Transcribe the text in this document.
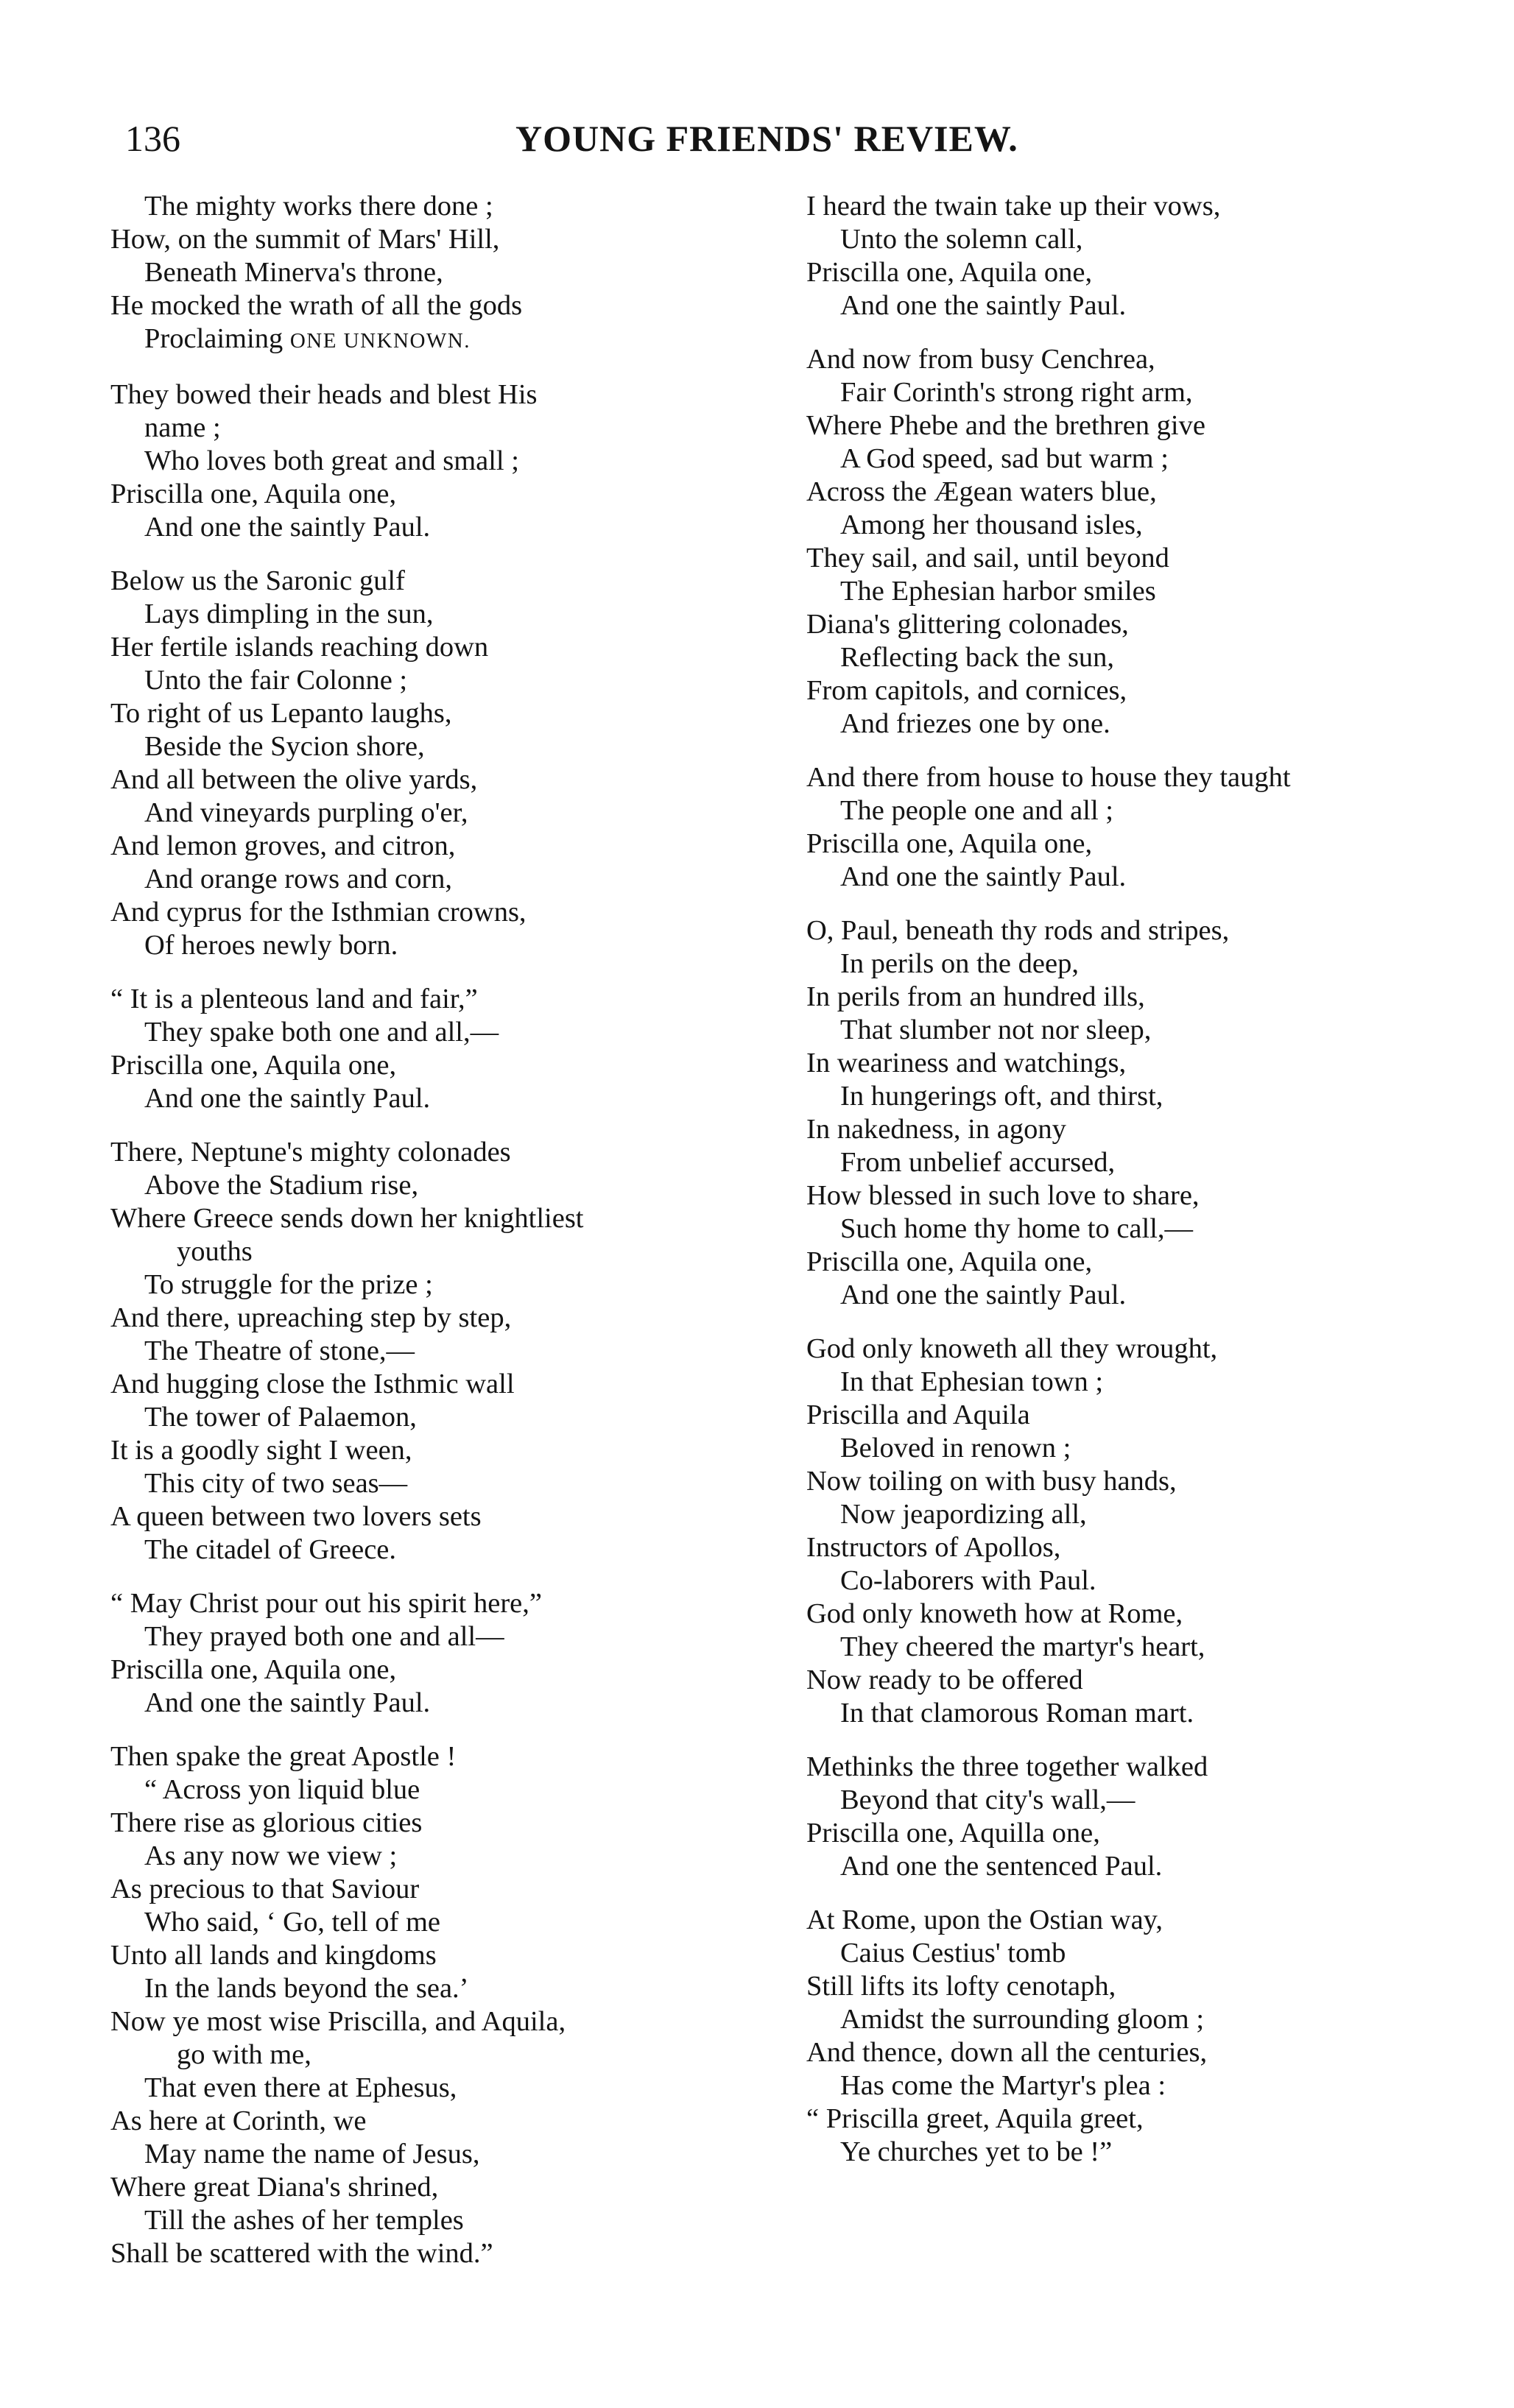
136	YOUNG FRIENDS' REVIEW.
The mighty works there done ;
How, on the summit of Mars' Hill,
Beneath Minerva's throne,
He mocked the wrath of all the gods
Proclaiming ONE UNKNOWN.
They bowed their heads and blest His
name ;
Who loves both great and small ;
Priscilla one, Aquila one,
And one the saintly Paul.
Below us the Saronic gulf
Lays dimpling in the sun,
Her fertile islands reaching down
Unto the fair Colonne ;
To right of us Lepanto laughs,
Beside the Sycion shore,
And all between the olive yards,
And vineyards purpling o'er,
And lemon groves, and citron,
And orange rows and corn,
And cyprus for the Isthmian crowns,
Of heroes newly born.
“ It is a plenteous land and fair,”
They spake both one and all,—
Priscilla one, Aquila one,
And one the saintly Paul.
There, Neptune's mighty colonades
Above the Stadium rise,
Where Greece sends down her knightliest
youths
To struggle for the prize ;
And there, upreaching step by step,
The Theatre of stone,—
And hugging close the Isthmic wall
The tower of Palaemon,
It is a goodly sight I ween,
This city of two seas—
A queen between two lovers sets
The citadel of Greece.
“ May Christ pour out his spirit here,”
They prayed both one and all—
Priscilla one, Aquila one,
And one the saintly Paul.
Then spake the great Apostle !
“ Across yon liquid blue
There rise as glorious cities
As any now we view ;
As precious to that Saviour
Who said, ‘ Go, tell of me
Unto all lands and kingdoms
In the lands beyond the sea.’
Now ye most wise Priscilla, and Aquila,
go with me,
That even there at Ephesus,
As here at Corinth, we
May name the name of Jesus,
Where great Diana's shrined,
Till the ashes of her temples
Shall be scattered with the wind.”
I heard the twain take up their vows,
Unto the solemn call,
Priscilla one, Aquila one,
And one the saintly Paul.
And now from busy Cenchrea,
Fair Corinth's strong right arm,
Where Phebe and the brethren give
A God speed, sad but warm ;
Across the Ægean waters blue,
Among her thousand isles,
They sail, and sail, until beyond
The Ephesian harbor smiles
Diana's glittering colonades,
Reflecting back the sun,
From capitols, and cornices,
And friezes one by one.
And there from house to house they taught
The people one and all ;
Priscilla one, Aquila one,
And one the saintly Paul.
O, Paul, beneath thy rods and stripes,
In perils on the deep,
In perils from an hundred ills,
That slumber not nor sleep,
In weariness and watchings,
In hungerings oft, and thirst,
In nakedness, in agony
From unbelief accursed,
How blessed in such love to share,
Such home thy home to call,—
Priscilla one, Aquila one,
And one the saintly Paul.
God only knoweth all they wrought,
In that Ephesian town ;
Priscilla and Aquila
Beloved in renown ;
Now toiling on with busy hands,
Now jeapordizing all,
Instructors of Apollos,
Co-laborers with Paul.
God only knoweth how at Rome,
They cheered the martyr's heart,
Now ready to be offered
In that clamorous Roman mart.
Methinks the three together walked
Beyond that city's wall,—
Priscilla one, Aquilla one,
And one the sentenced Paul.
At Rome, upon the Ostian way,
Caius Cestius' tomb
Still lifts its lofty cenotaph,
Amidst the surrounding gloom ;
And thence, down all the centuries,
Has come the Martyr's plea :
“ Priscilla greet, Aquila greet,
Ye churches yet to be !”
